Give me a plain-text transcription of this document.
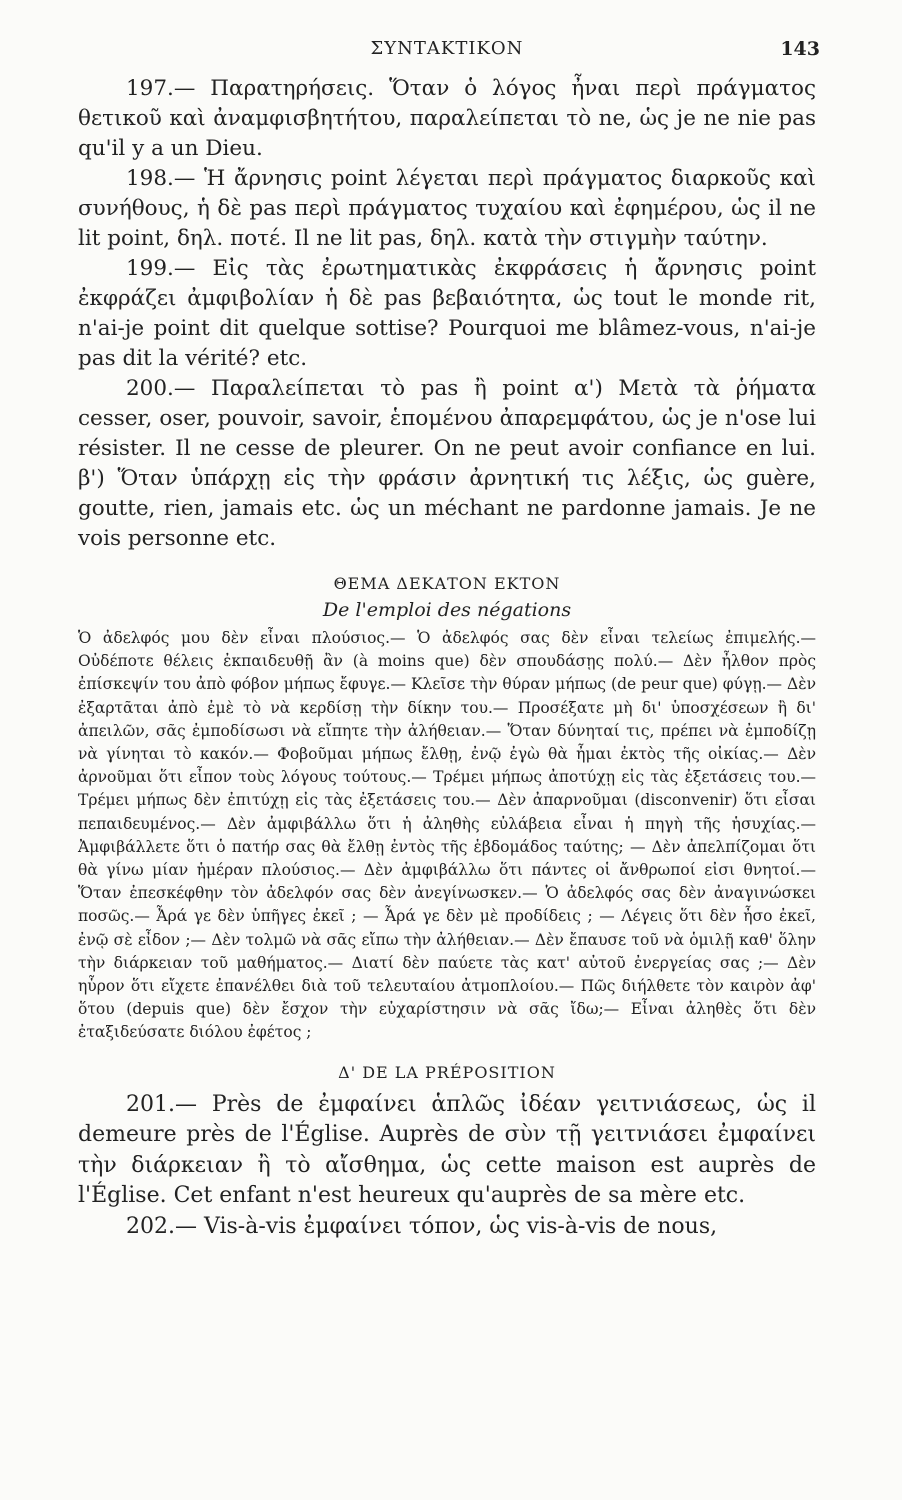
ΣΥΝΤΑΚΤΙΚΟΝ	143

197.— Παρατηρήσεις. Ὅταν ὁ λόγος ἦναι περὶ πράγματος θετικοῦ καὶ ἀναμφισβητήτου, παραλείπεται τὸ ne, ὡς je ne nie pas qu'il y a un Dieu.

198.— Ἡ ἄρνησις point λέγεται περὶ πράγματος διαρκοῦς καὶ συνήθους, ἡ δὲ pas περὶ πράγματος τυχαίου καὶ ἐφημέρου, ὡς il ne lit point, δηλ. ποτέ. Il ne lit pas, δηλ. κατὰ τὴν στιγμὴν ταύτην.

199.— Εἰς τὰς ἐρωτηματικὰς ἐκφράσεις ἡ ἄρνησις point ἐκφράζει ἀμφιβολίαν ἡ δὲ pas βεβαιότητα, ὡς tout le monde rit, n'ai-je point dit quelque sottise? Pourquoi me blâmez-vous, n'ai-je pas dit la vérité? etc.

200.— Παραλείπεται τὸ pas ἢ point α') Μετὰ τὰ ῥήματα cesser, oser, pouvoir, savoir, ἑπομένου ἀπαρεμφάτου, ὡς je n'ose lui résister. Il ne cesse de pleurer. On ne peut avoir confiance en lui. β') Ὅταν ὑπάρχῃ εἰς τὴν φράσιν ἀρνητική τις λέξις, ὡς guère, goutte, rien, jamais etc. ὡς un méchant ne pardonne jamais. Je ne vois personne etc.

ΘΕΜΑ ΔΕΚΑΤΟΝ ΕΚΤΟΝ
De l'emploi des négations

Ὁ ἀδελφός μου δὲν εἶναι πλούσιος.— Ὁ ἀδελφός σας δὲν εἶναι τελείως ἐπιμελής.— Οὐδέποτε θέλεις ἐκπαιδευθῇ ἂν (à moins que) δὲν σπουδάσῃς πολύ.— Δὲν ἦλθον πρὸς ἐπίσκεψίν του ἀπὸ φόβον μήπως ἔφυγε.— Κλεῖσε τὴν θύραν μήπως (de peur que) φύγῃ.— Δὲν ἐξαρτᾶται ἀπὸ ἐμὲ τὸ νὰ κερδίσῃ τὴν δίκην του.— Προσέξατε μὴ δι' ὑποσχέσεων ἢ δι' ἀπειλῶν, σᾶς ἐμποδίσωσι νὰ εἴπητε τὴν ἀλήθειαν.— Ὅταν δύνηταί τις, πρέπει νὰ ἐμποδίζῃ νὰ γίνηται τὸ κακόν.— Φοβοῦμαι μήπως ἔλθῃ, ἐνῷ ἐγὼ θὰ ἦμαι ἐκτὸς τῆς οἰκίας.— Δὲν ἀρνοῦμαι ὅτι εἶπον τοὺς λόγους τούτους.— Τρέμει μήπως ἀποτύχῃ εἰς τὰς ἐξετάσεις του.— Τρέμει μήπως δὲν ἐπιτύχῃ εἰς τὰς ἐξετάσεις του.— Δὲν ἀπαρνοῦμαι (disconvenir) ὅτι εἶσαι πεπαιδευμένος.— Δὲν ἀμφιβάλλω ὅτι ἡ ἀληθὴς εὐλάβεια εἶναι ἡ πηγὴ τῆς ἡσυχίας.— Ἀμφιβάλλετε ὅτι ὁ πατήρ σας θὰ ἔλθῃ ἐντὸς τῆς ἑβδομάδος ταύτης; — Δὲν ἀπελπίζομαι ὅτι θὰ γίνω μίαν ἡμέραν πλούσιος.— Δὲν ἀμφιβάλλω ὅτι πάντες οἱ ἄνθρωποί εἰσι θνητοί.— Ὅταν ἐπεσκέφθην τὸν ἀδελφόν σας δὲν ἀνεγίνωσκεν.— Ὁ ἀδελφός σας δὲν ἀναγινώσκει ποσῶς.— Ἆρά γε δὲν ὑπῆγες ἐκεῖ ; — Ἆρά γε δὲν μὲ προδίδεις ; — Λέγεις ὅτι δὲν ἦσο ἐκεῖ, ἐνῷ σὲ εἶδον ;— Δὲν τολμῶ νὰ σᾶς εἴπω τὴν ἀλήθειαν.— Δὲν ἔπαυσε τοῦ νὰ ὁμιλῇ καθ' ὅλην τὴν διάρκειαν τοῦ μαθήματος.— Διατί δὲν παύετε τὰς κατ' αὐτοῦ ἐνεργείας σας ;— Δὲν ηὗρον ὅτι εἴχετε ἐπανέλθει διὰ τοῦ τελευταίου ἀτμοπλοίου.— Πῶς διήλθετε τὸν καιρὸν ἀφ' ὅτου (depuis que) δὲν ἔσχον τὴν εὐχαρίστησιν νὰ σᾶς ἴδω;— Εἶναι ἀληθὲς ὅτι δὲν ἐταξιδεύσατε διόλου ἐφέτος ;

Δ' DE LA PRÉPOSITION

201.— Près de ἐμφαίνει ἁπλῶς ἰδέαν γειτνιάσεως, ὡς il demeure près de l'Église. Auprès de σὺν τῇ γειτνιάσει ἐμφαίνει τὴν διάρκειαν ἢ τὸ αἴσθημα, ὡς cette maison est auprès de l'Église. Cet enfant n'est heureux qu'auprès de sa mère etc.

202.— Vis-à-vis ἐμφαίνει τόπον, ὡς vis-à-vis de nous,
